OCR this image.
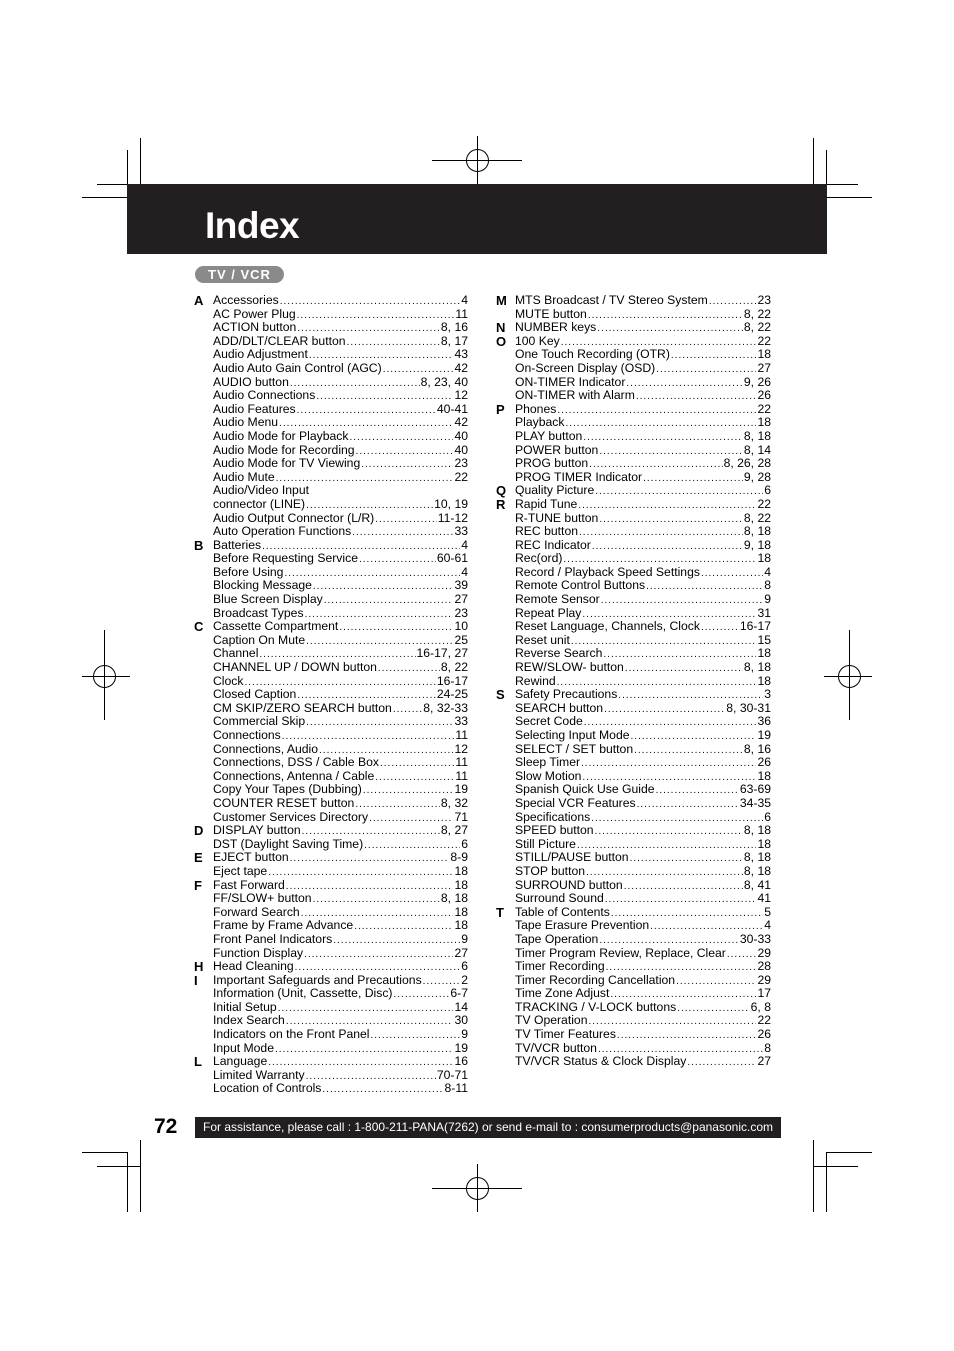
Index
TV / VCR
A Accessories .....	4
AC Power Plug .....	11
ACTION button .....	8, 16
ADD/DLT/CLEAR button .....	8, 17
Audio Adjustment .....	43
Audio Auto Gain Control (AGC) .....	42
AUDIO button .....	8, 23, 40
Audio Connections .....	12
Audio Features .....	40-41
Audio Menu .....	42
Audio Mode for Playback .....	40
Audio Mode for Recording .....	40
Audio Mode for TV Viewing .....	23
Audio Mute .....	22
Audio/Video Input
connector (LINE) .....	10, 19
Audio Output Connector (L/R) .....	11-12
Auto Operation Functions .....	33
B Batteries .....	4
Before Requesting Service .....	60-61
Before Using .....	4
Blocking Message .....	39
Blue Screen Display .....	27
Broadcast Types .....	23
C Cassette Compartment .....	10
Caption On Mute .....	25
Channel .....	16-17, 27
CHANNEL UP / DOWN button .....	8, 22
Clock .....	16-17
Closed Caption .....	24-25
CM SKIP/ZERO SEARCH button .....	8, 32-33
Commercial Skip .....	33
Connections .....	11
Connections, Audio .....	12
Connections, DSS / Cable Box .....	11
Connections, Antenna / Cable .....	11
Copy Your Tapes (Dubbing) .....	19
COUNTER RESET button .....	8, 32
Customer Services Directory .....	71
D DISPLAY button .....	8, 27
DST (Daylight Saving Time) .....	6
E EJECT button .....	8-9
Eject tape .....	18
F Fast Forward .....	18
FF/SLOW+ button .....	8, 18
Forward Search .....	18
Frame by Frame Advance .....	18
Front Panel Indicators .....	9
Function Display .....	27
H Head Cleaning .....	6
I Important Safeguards and Precautions .....	2
Information (Unit, Cassette, Disc) .....	6-7
Initial Setup .....	14
Index Search .....	30
Indicators on the Front Panel .....	9
Input Mode .....	19
L Language .....	16
Limited Warranty .....	70-71
Location of Controls .....	8-11
M MTS Broadcast / TV Stereo System .....	23
MUTE button .....	8, 22
N NUMBER keys .....	8, 22
O 100 Key .....	22
One Touch Recording (OTR) .....	18
On-Screen Display (OSD) .....	27
ON-TIMER Indicator .....	9, 26
ON-TIMER with Alarm .....	26
P Phones .....	22
Playback .....	18
PLAY button .....	8, 18
POWER button .....	8, 14
PROG button .....	8, 26, 28
PROG TIMER Indicator .....	9, 28
Q Quality Picture .....	6
R Rapid Tune .....	22
R-TUNE button .....	8, 22
REC button .....	8, 18
REC Indicator .....	9, 18
Rec(ord) .....	18
Record / Playback Speed Settings .....	4
Remote Control Buttons .....	8
Remote Sensor .....	9
Repeat Play .....	31
Reset Language, Channels, Clock .....	16-17
Reset unit .....	15
Reverse Search .....	18
REW/SLOW- button .....	8, 18
Rewind .....	18
S Safety Precautions .....	3
SEARCH button .....	8, 30-31
Secret Code .....	36
Selecting Input Mode .....	19
SELECT / SET button .....	8, 16
Sleep Timer .....	26
Slow Motion .....	18
Spanish Quick Use Guide .....	63-69
Special VCR Features .....	34-35
Specifications .....	6
SPEED button .....	8, 18
Still Picture .....	18
STILL/PAUSE button .....	8, 18
STOP button .....	8, 18
SURROUND button .....	8, 41
Surround Sound .....	41
T Table of Contents .....	5
Tape Erasure Prevention .....	4
Tape Operation .....	30-33
Timer Program Review, Replace, Clear .....	29
Timer Recording .....	28
Timer Recording Cancellation .....	29
Time Zone Adjust .....	17
TRACKING / V-LOCK buttons .....	6, 8
TV Operation .....	22
TV Timer Features .....	26
TV/VCR button .....	8
TV/VCR Status & Clock Display .....	27
72	For assistance, please call : 1-800-211-PANA(7262) or send e-mail to : consumerproducts@panasonic.com
